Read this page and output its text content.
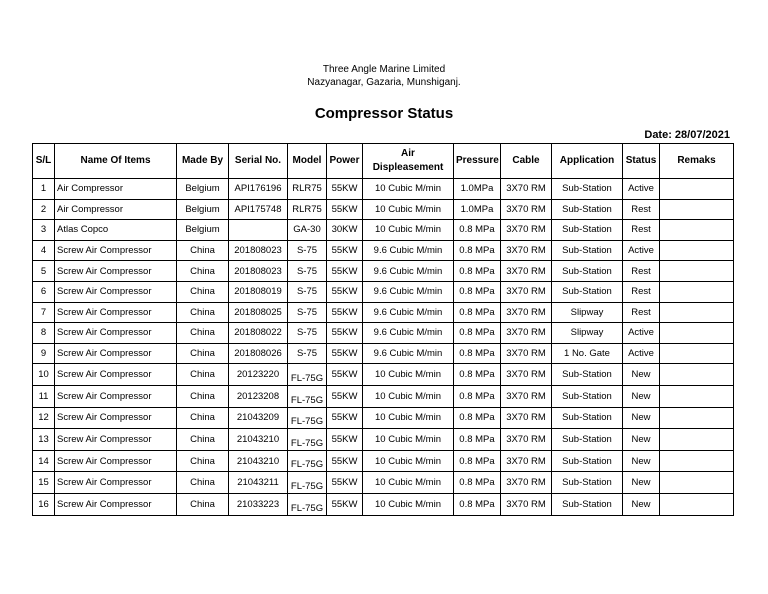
Three Angle Marine Limited
Nazyanagar, Gazaria, Munshiganj.
Compressor Status
Date: 28/07/2021
S/L	Name Of Items	Made By	Serial No.	Model	Power	Air Displeasement	Pressure	Cable	Application	Status	Remaks
1	Air Compressor	Belgium	API176196	RLR75	55KW	10 Cubic M/min	1.0MPa	3X70 RM	Sub-Station	Active	
2	Air Compressor	Belgium	API175748	RLR75	55KW	10 Cubic M/min	1.0MPa	3X70 RM	Sub-Station	Rest	
3	Atlas Copco	Belgium		GA-30	30KW	10 Cubic M/min	0.8 MPa	3X70 RM	Sub-Station	Rest	
4	Screw Air Compressor	China	201808023	S-75	55KW	9.6 Cubic M/min	0.8 MPa	3X70 RM	Sub-Station	Active	
5	Screw Air Compressor	China	201808023	S-75	55KW	9.6 Cubic M/min	0.8 MPa	3X70 RM	Sub-Station	Rest	
6	Screw Air Compressor	China	201808019	S-75	55KW	9.6 Cubic M/min	0.8 MPa	3X70 RM	Sub-Station	Rest	
7	Screw Air Compressor	China	201808025	S-75	55KW	9.6 Cubic M/min	0.8 MPa	3X70 RM	Slipway	Rest	
8	Screw Air Compressor	China	201808022	S-75	55KW	9.6 Cubic M/min	0.8 MPa	3X70 RM	Slipway	Active	
9	Screw Air Compressor	China	201808026	S-75	55KW	9.6 Cubic M/min	0.8 MPa	3X70 RM	1 No. Gate	Active	
10	Screw Air Compressor	China	20123220	FL-75G	55KW	10 Cubic M/min	0.8 MPa	3X70 RM	Sub-Station	New	
11	Screw Air Compressor	China	20123208	FL-75G	55KW	10 Cubic M/min	0.8 MPa	3X70 RM	Sub-Station	New	
12	Screw Air Compressor	China	21043209	FL-75G	55KW	10 Cubic M/min	0.8 MPa	3X70 RM	Sub-Station	New	
13	Screw Air Compressor	China	21043210	FL-75G	55KW	10 Cubic M/min	0.8 MPa	3X70 RM	Sub-Station	New	
14	Screw Air Compressor	China	21043210	FL-75G	55KW	10 Cubic M/min	0.8 MPa	3X70 RM	Sub-Station	New	
15	Screw Air Compressor	China	21043211	FL-75G	55KW	10 Cubic M/min	0.8 MPa	3X70 RM	Sub-Station	New	
16	Screw Air Compressor	China	21033223	FL-75G	55KW	10 Cubic M/min	0.8 MPa	3X70 RM	Sub-Station	New	
